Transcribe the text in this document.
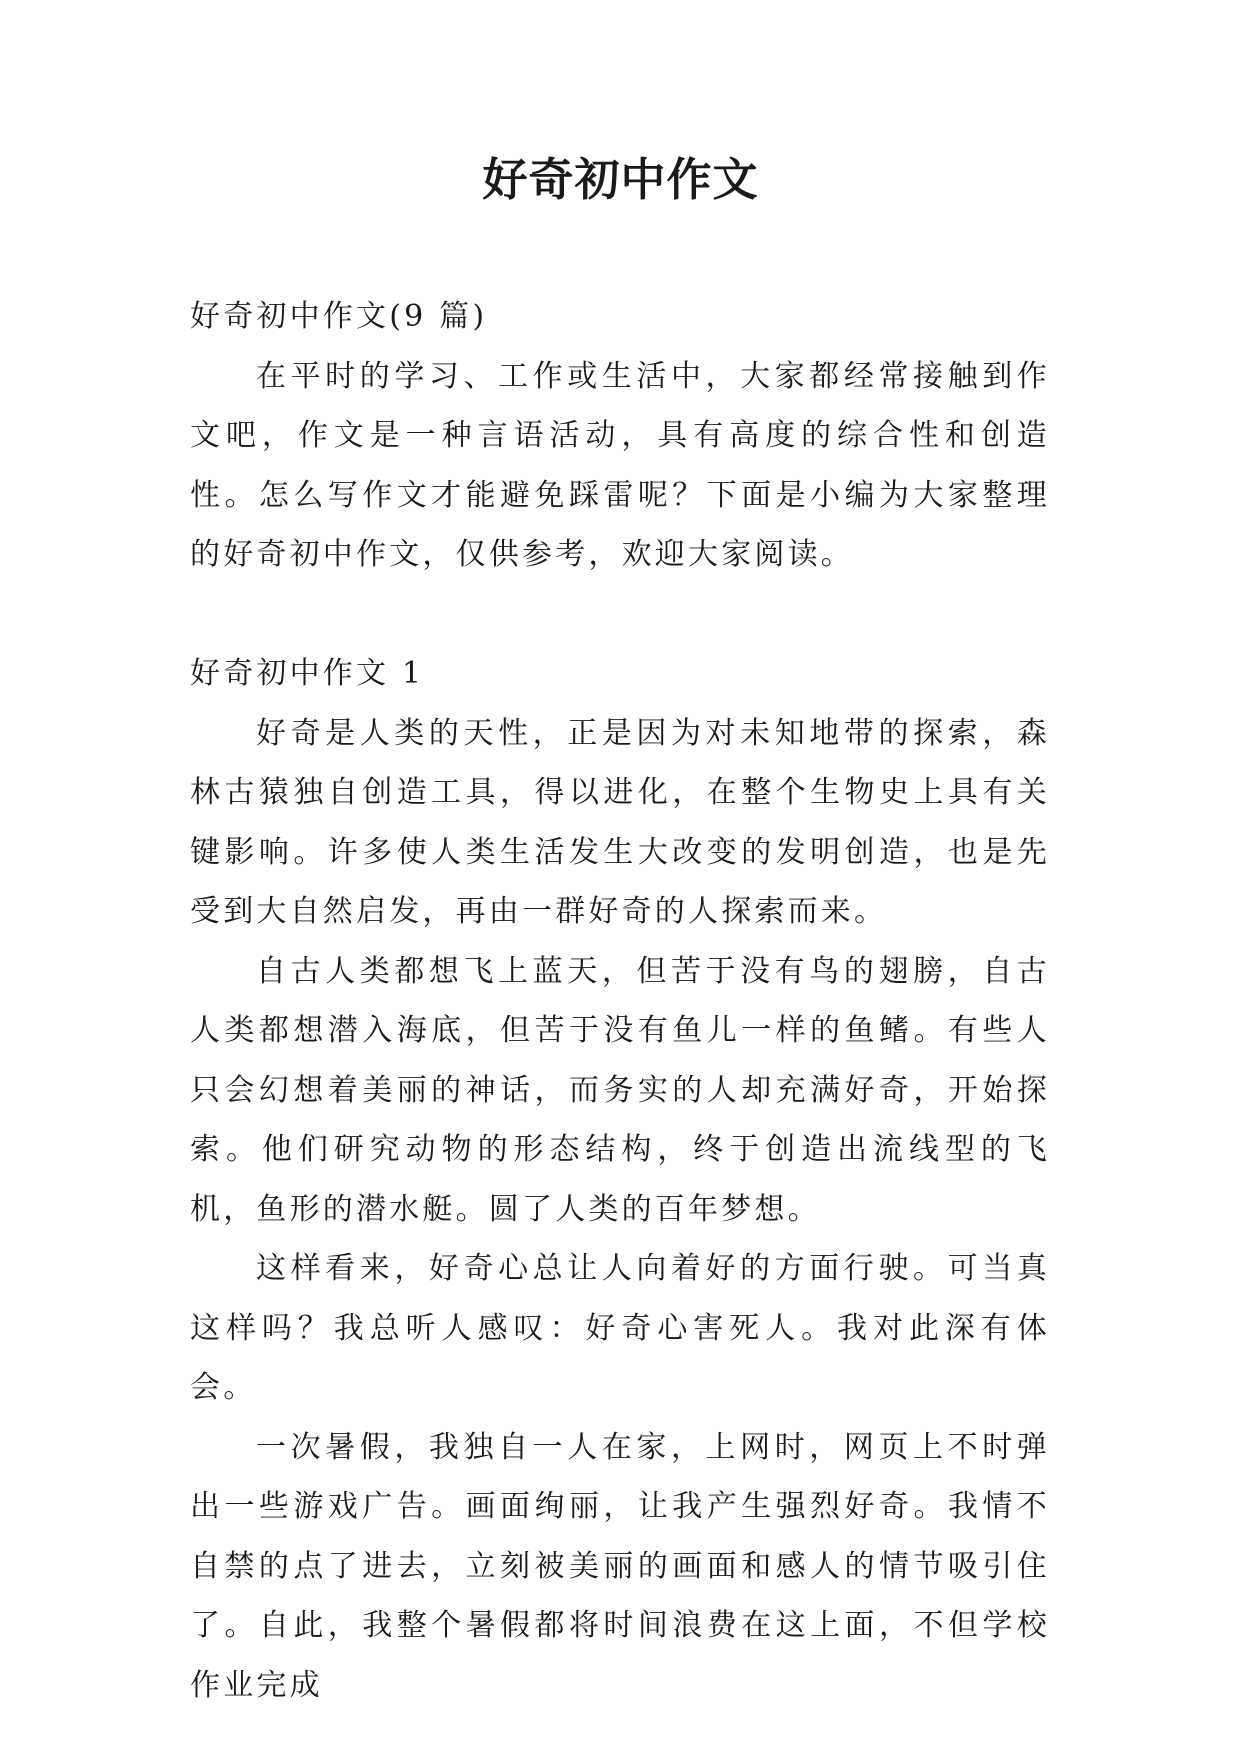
好奇初中作文

好奇初中作文(9 篇)

在平时的学习、工作或生活中，大家都经常接触到作文吧，作文是一种言语活动，具有高度的综合性和创造性。怎么写作文才能避免踩雷呢？下面是小编为大家整理的好奇初中作文，仅供参考，欢迎大家阅读。

好奇初中作文 1

好奇是人类的天性，正是因为对未知地带的探索，森林古猿独自创造工具，得以进化，在整个生物史上具有关键影响。许多使人类生活发生大改变的发明创造，也是先受到大自然启发，再由一群好奇的人探索而来。

自古人类都想飞上蓝天，但苦于没有鸟的翅膀，自古人类都想潜入海底，但苦于没有鱼儿一样的鱼鳍。有些人只会幻想着美丽的神话，而务实的人却充满好奇，开始探索。他们研究动物的形态结构，终于创造出流线型的飞机，鱼形的潜水艇。圆了人类的百年梦想。

这样看来，好奇心总让人向着好的方面行驶。可当真这样吗？我总听人感叹：好奇心害死人。我对此深有体会。

一次暑假，我独自一人在家，上网时，网页上不时弹出一些游戏广告。画面绚丽，让我产生强烈好奇。我情不自禁的点了进去，立刻被美丽的画面和感人的情节吸引住了。自此，我整个暑假都将时间浪费在这上面，不但学校作业完成
